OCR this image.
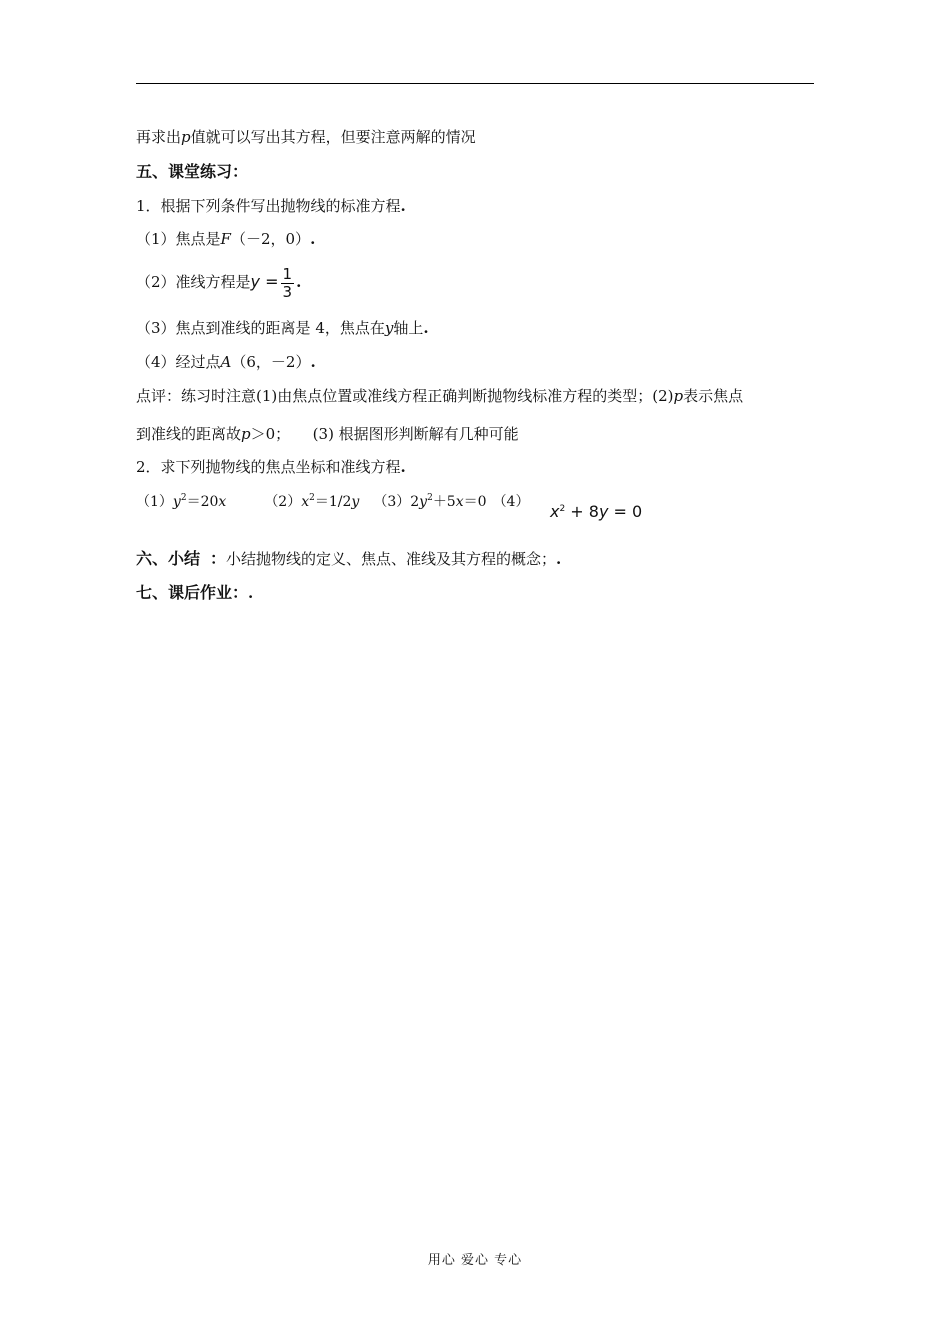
再求出p值就可以写出其方程，但要注意两解的情况
五、课堂练习：
1．根据下列条件写出抛物线的标准方程.
（1）焦点是F（－2，0）.
（2）准线方程是$y = \frac{1}{3}$ .
（3）焦点到准线的距离是 4，焦点在y轴上.
（4）经过点A（6，－2）.
点评：练习时注意(1)由焦点位置或准线方程正确判断抛物线标准方程的类型；(2)p表示焦点
到准线的距离故p＞0；　　(3) 根据图形判断解有几种可能
2．求下列抛物线的焦点坐标和准线方程.
$(1)y^2=20x$	$(2)x^2=1/2y$ $(3)2y^2+5x=0$ （4） $x^2 + 8y = 0$
六、小结 ：小结抛物线的定义、焦点、准线及其方程的概念；.
七、课后作业：.
用心 爱心 专心
